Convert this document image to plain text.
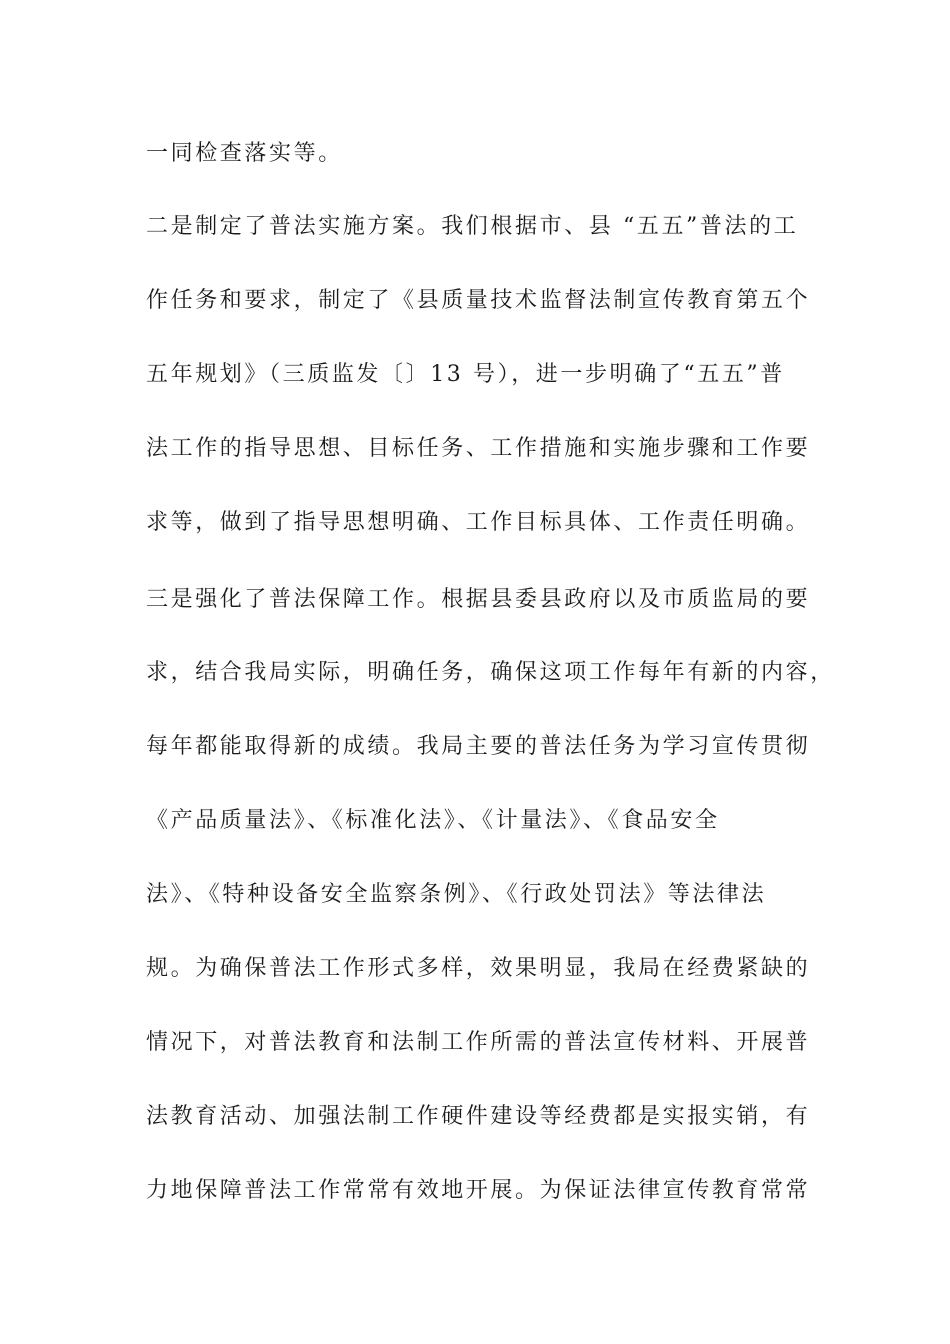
一同检查落实等。
二是制定了普法实施方案。我们根据市、县 “五五”普法的工
作任务和要求，制定了《县质量技术监督法制宣传教育第五个
五年规划》（三质监发〔〕13 号），进一步明确了“五五”普
法工作的指导思想、目标任务、工作措施和实施步骤和工作要
求等，做到了指导思想明确、工作目标具体、工作责任明确。
三是强化了普法保障工作。根据县委县政府以及市质监局的要
求，结合我局实际，明确任务，确保这项工作每年有新的内容，
每年都能取得新的成绩。我局主要的普法任务为学习宣传贯彻
《产品质量法》、《标准化法》、《计量法》、《食品安全
法》、《特种设备安全监察条例》、《行政处罚法》等法律法
规。为确保普法工作形式多样，效果明显，我局在经费紧缺的
情况下，对普法教育和法制工作所需的普法宣传材料、开展普
法教育活动、加强法制工作硬件建设等经费都是实报实销，有
力地保障普法工作常常有效地开展。为保证法律宣传教育常常
